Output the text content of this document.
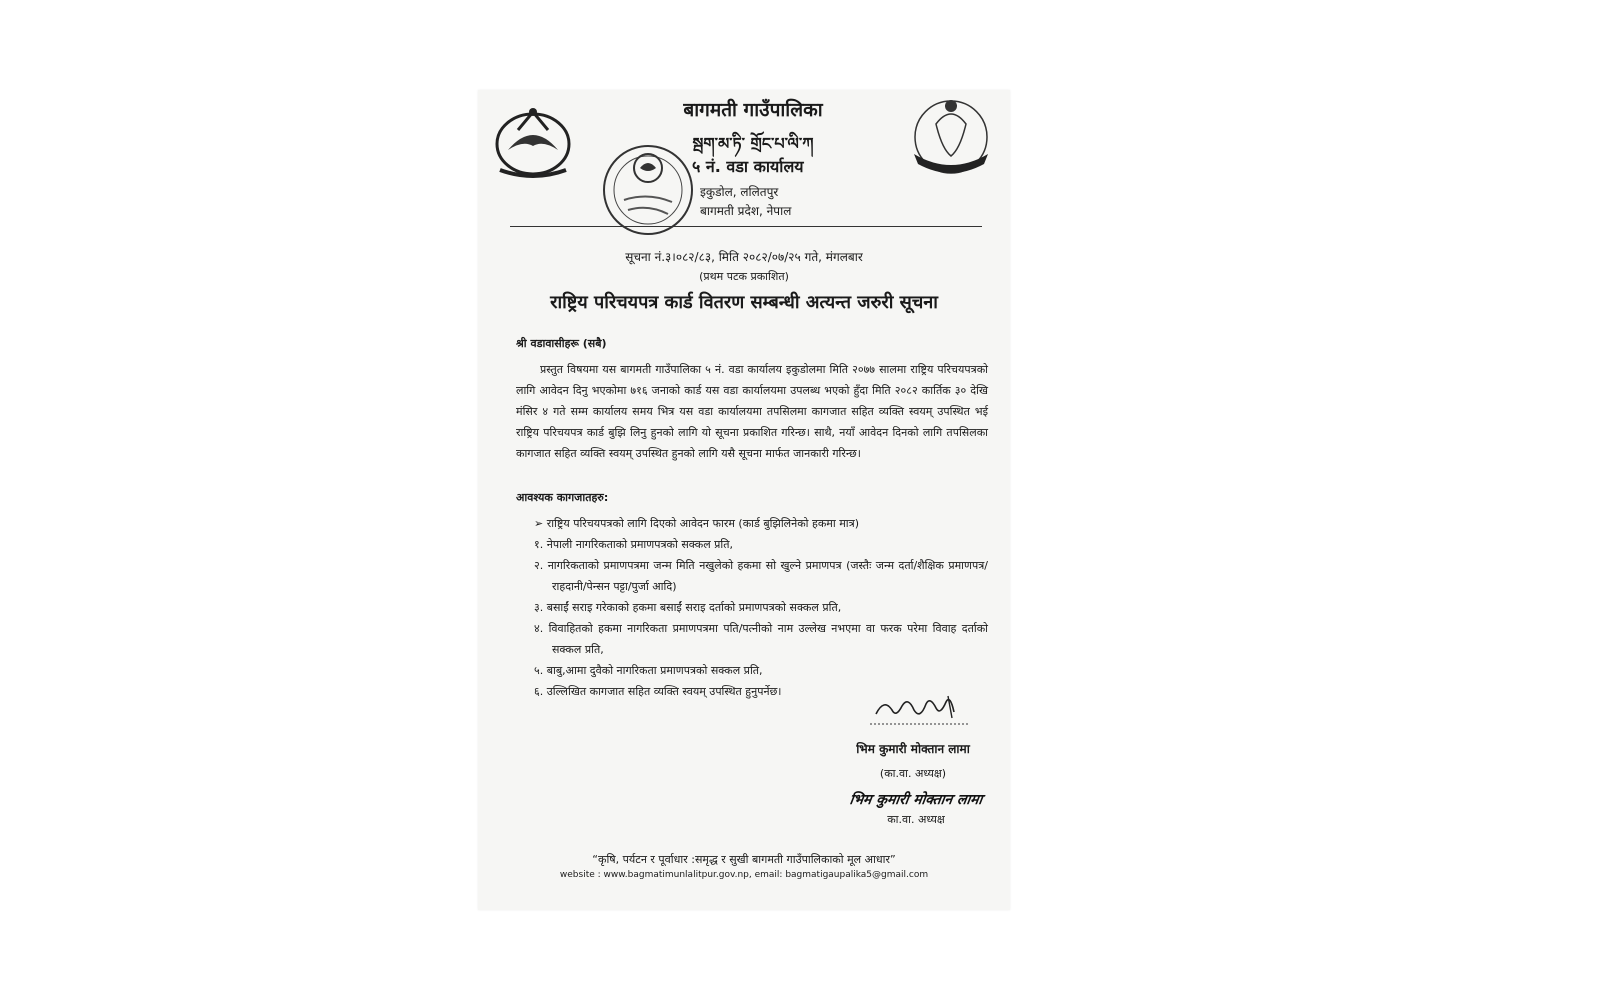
बागमती गाउँपालिका
སྦག་མ་ཏི་ གྲོང་པ་ལི་ཀ
५ नं. वडा कार्यालय
इकुडोल, ललितपुर
बागमती प्रदेश, नेपाल
सूचना नं.३।०८२/८३, मिति २०८२/०७/२५ गते, मंगलबार
(प्रथम पटक प्रकाशित)
राष्ट्रिय परिचयपत्र कार्ड वितरण सम्बन्धी अत्यन्त जरुरी सूचना
श्री वडावासीहरू (सबै)
प्रस्तुत विषयमा यस बागमती गाउँपालिका ५ नं. वडा कार्यालय इकुडोलमा मिति २०७७ सालमा राष्ट्रिय परिचयपत्रको लागि आवेदन दिनु भएकोमा ७१६ जनाको कार्ड यस वडा कार्यालयमा उपलब्ध भएको हुँदा मिति २०८२ कार्तिक ३० देखि मंसिर ४ गते सम्म कार्यालय समय भित्र यस वडा कार्यालयमा तपसिलमा कागजात सहित व्यक्ति स्वयम् उपस्थित भई राष्ट्रिय परिचयपत्र कार्ड बुझि लिनु हुनको लागि यो सूचना प्रकाशित गरिन्छ। साथै, नयाँ आवेदन दिनको लागि तपसिलका कागजात सहित व्यक्ति स्वयम् उपस्थित हुनको लागि यसै सूचना मार्फत जानकारी गरिन्छ।
आवश्यक कागजातहरु:
➢ राष्ट्रिय परिचयपत्रको लागि दिएको आवेदन फारम (कार्ड बुझिलिनेको हकमा मात्र)
१. नेपाली नागरिकताको प्रमाणपत्रको सक्कल प्रति,
२. नागरिकताको प्रमाणपत्रमा जन्म मिति नखुलेको हकमा सो खुल्ने प्रमाणपत्र (जस्तैः जन्म दर्ता/शैक्षिक प्रमाणपत्र/राहदानी/पेन्सन पट्टा/पुर्जा आदि)
३. बसाईं सराइ गरेकाको हकमा बसाईं सराइ दर्ताको प्रमाणपत्रको सक्कल प्रति,
४. विवाहितको हकमा नागरिकता प्रमाणपत्रमा पति/पत्नीको नाम उल्लेख नभएमा वा फरक परेमा विवाह दर्ताको सक्कल प्रति,
५. बाबु,आमा दुवैको नागरिकता प्रमाणपत्रको सक्कल प्रति,
६. उल्लिखित कागजात सहित व्यक्ति स्वयम् उपस्थित हुनुपर्नेछ।
भिम कुमारी मोक्तान लामा
(का.वा. अध्यक्ष)
भिम कुमारी मोक्तान लामा
का.वा. अध्यक्ष
“कृषि, पर्यटन र पूर्वाधार :समृद्ध र सुखी बागमती गाउँपालिकाको मूल आधार”
website : www.bagmatimunlalitpur.gov.np, email: bagmatigaupalika5@gmail.com
